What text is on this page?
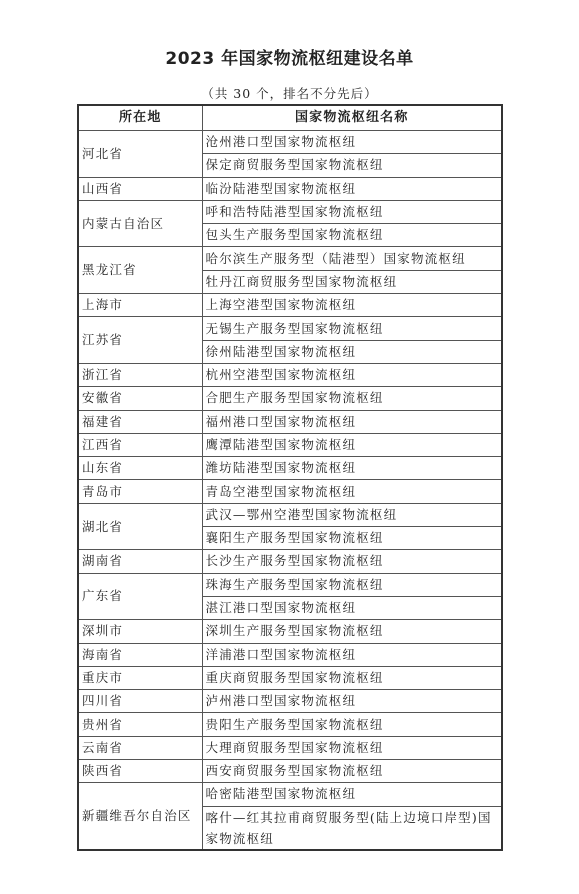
2023 年国家物流枢纽建设名单
（共 30 个，排名不分先后）
所在地	国家物流枢纽名称
河北省	沧州港口型国家物流枢纽
	保定商贸服务型国家物流枢纽
山西省	临汾陆港型国家物流枢纽
内蒙古自治区	呼和浩特陆港型国家物流枢纽
	包头生产服务型国家物流枢纽
黑龙江省	哈尔滨生产服务型（陆港型）国家物流枢纽
	牡丹江商贸服务型国家物流枢纽
上海市	上海空港型国家物流枢纽
江苏省	无锡生产服务型国家物流枢纽
	徐州陆港型国家物流枢纽
浙江省	杭州空港型国家物流枢纽
安徽省	合肥生产服务型国家物流枢纽
福建省	福州港口型国家物流枢纽
江西省	鹰潭陆港型国家物流枢纽
山东省	潍坊陆港型国家物流枢纽
青岛市	青岛空港型国家物流枢纽
湖北省	武汉—鄂州空港型国家物流枢纽
	襄阳生产服务型国家物流枢纽
湖南省	长沙生产服务型国家物流枢纽
广东省	珠海生产服务型国家物流枢纽
	湛江港口型国家物流枢纽
深圳市	深圳生产服务型国家物流枢纽
海南省	洋浦港口型国家物流枢纽
重庆市	重庆商贸服务型国家物流枢纽
四川省	泸州港口型国家物流枢纽
贵州省	贵阳生产服务型国家物流枢纽
云南省	大理商贸服务型国家物流枢纽
陕西省	西安商贸服务型国家物流枢纽
新疆维吾尔自治区	哈密陆港型国家物流枢纽
	喀什—红其拉甫商贸服务型(陆上边境口岸型)国家物流枢纽
